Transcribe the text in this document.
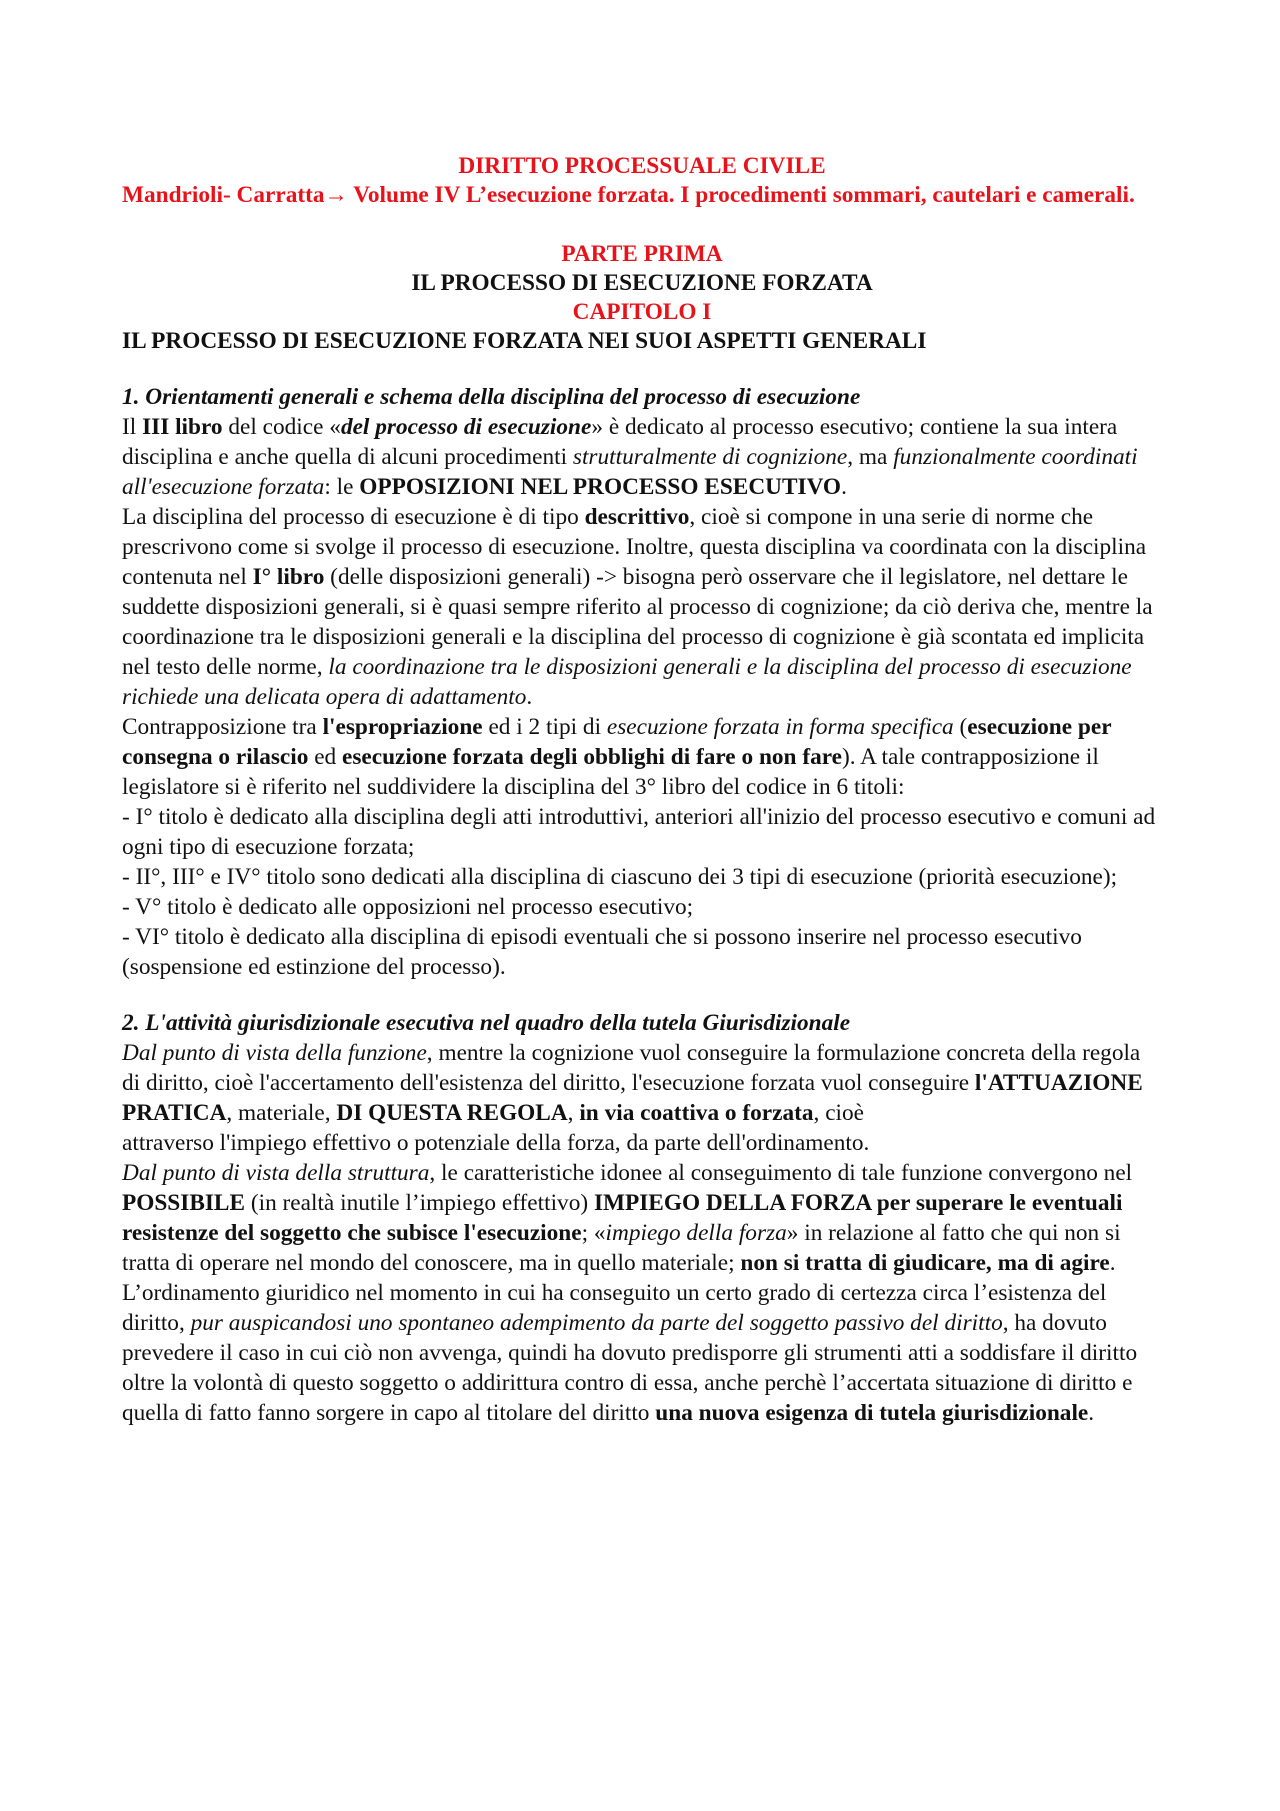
DIRITTO PROCESSUALE CIVILE

Mandrioli- Carratta→ Volume IV L’esecuzione forzata. I procedimenti sommari, cautelari e camerali.

PARTE PRIMA

IL PROCESSO DI ESECUZIONE FORZATA

CAPITOLO I

IL PROCESSO DI ESECUZIONE FORZATA NEI SUOI ASPETTI GENERALI

1. Orientamenti generali e schema della disciplina del processo di esecuzione

Il III libro del codice «del processo di esecuzione» è dedicato al processo esecutivo; contiene la sua intera disciplina e anche quella di alcuni procedimenti strutturalmente di cognizione, ma funzionalmente coordinati all'esecuzione forzata: le OPPOSIZIONI NEL PROCESSO ESECUTIVO.

La disciplina del processo di esecuzione è di tipo descrittivo, cioè si compone in una serie di norme che prescrivono come si svolge il processo di esecuzione. Inoltre, questa disciplina va coordinata con la disciplina contenuta nel I° libro (delle disposizioni generali) -> bisogna però osservare che il legislatore, nel dettare le suddette disposizioni generali, si è quasi sempre riferito al processo di cognizione; da ciò deriva che, mentre la coordinazione tra le disposizioni generali e la disciplina del processo di cognizione è già scontata ed implicita nel testo delle norme, la coordinazione tra le disposizioni generali e la disciplina del processo di esecuzione richiede una delicata opera di adattamento.

Contrapposizione tra l'espropriazione ed i 2 tipi di esecuzione forzata in forma specifica (esecuzione per consegna o rilascio ed esecuzione forzata degli obblighi di fare o non fare). A tale contrapposizione il legislatore si è riferito nel suddividere la disciplina del 3° libro del codice in 6 titoli:

- I° titolo è dedicato alla disciplina degli atti introduttivi, anteriori all'inizio del processo esecutivo e comuni ad ogni tipo di esecuzione forzata;

- II°, III° e IV° titolo sono dedicati alla disciplina di ciascuno dei 3 tipi di esecuzione (priorità esecuzione);

- V° titolo è dedicato alle opposizioni nel processo esecutivo;

- VI° titolo è dedicato alla disciplina di episodi eventuali che si possono inserire nel processo esecutivo (sospensione ed estinzione del processo).

2. L'attività giurisdizionale esecutiva nel quadro della tutela Giurisdizionale

Dal punto di vista della funzione, mentre la cognizione vuol conseguire la formulazione concreta della regola di diritto, cioè l'accertamento dell'esistenza del diritto, l'esecuzione forzata vuol conseguire l'ATTUAZIONE PRATICA, materiale, DI QUESTA REGOLA, in via coattiva o forzata, cioè

attraverso l'impiego effettivo o potenziale della forza, da parte dell'ordinamento.

Dal punto di vista della struttura, le caratteristiche idonee al conseguimento di tale funzione convergono nel POSSIBILE (in realtà inutile l’impiego effettivo) IMPIEGO DELLA FORZA per superare le eventuali resistenze del soggetto che subisce l'esecuzione; «impiego della forza» in relazione al fatto che qui non si tratta di operare nel mondo del conoscere, ma in quello materiale; non si tratta di giudicare, ma di agire.

L’ordinamento giuridico nel momento in cui ha conseguito un certo grado di certezza circa l’esistenza del diritto, pur auspicandosi uno spontaneo adempimento da parte del soggetto passivo del diritto, ha dovuto prevedere il caso in cui ciò non avvenga, quindi ha dovuto predisporre gli strumenti atti a soddisfare il diritto oltre la volontà di questo soggetto o addirittura contro di essa, anche perchè l’accertata situazione di diritto e quella di fatto fanno sorgere in capo al titolare del diritto una nuova esigenza di tutela giurisdizionale.
